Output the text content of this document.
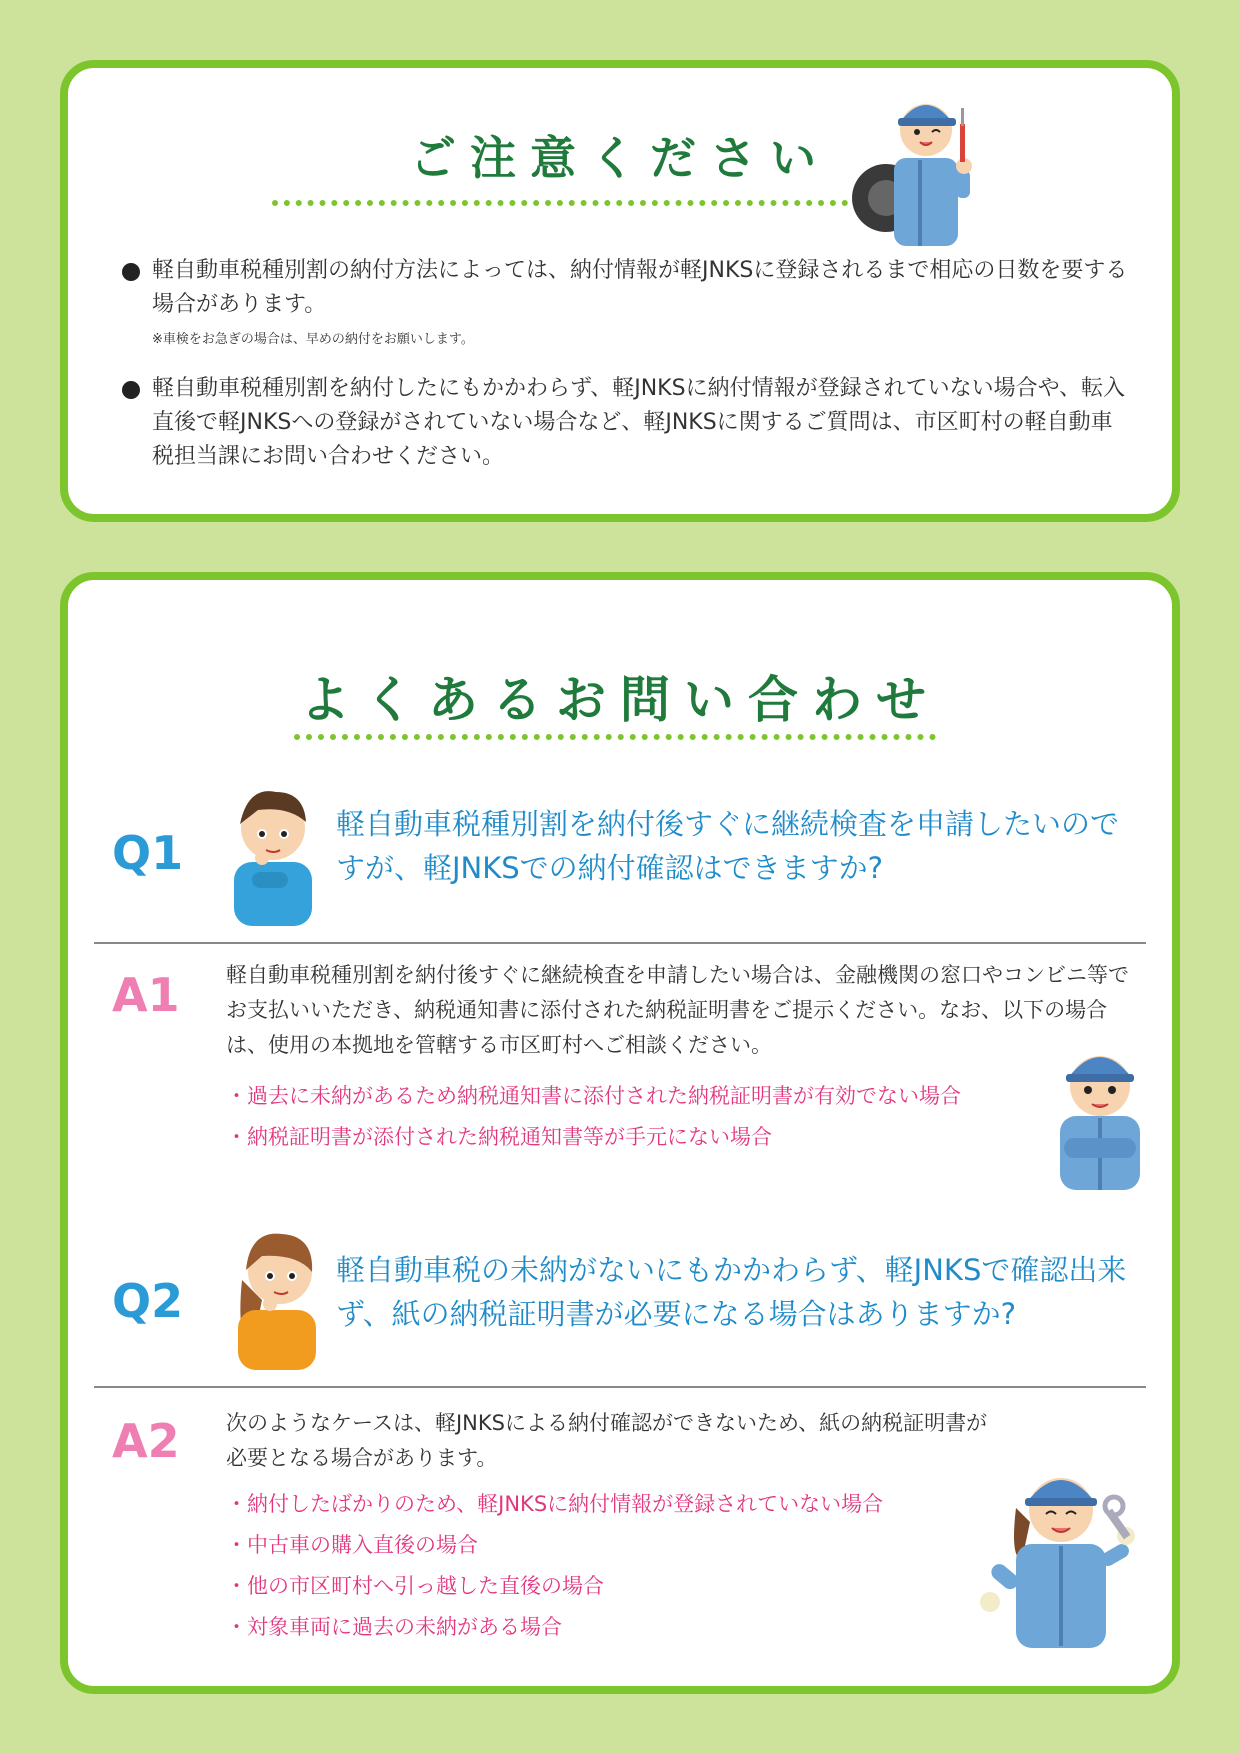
ご注意ください
軽自動車税種別割の納付方法によっては、納付情報が軽JNKSに登録されるまで相応の日数を要する場合があります。
※車検をお急ぎの場合は、早めの納付をお願いします。
軽自動車税種別割を納付したにもかかわらず、軽JNKSに納付情報が登録されていない場合や、転入直後で軽JNKSへの登録がされていない場合など、軽JNKSに関するご質問は、市区町村の軽自動車税担当課にお問い合わせください。
よくあるお問い合わせ
Q1
軽自動車税種別割を納付後すぐに継続検査を申請したいのですが、軽JNKSでの納付確認はできますか?
A1 軽自動車税種別割を納付後すぐに継続検査を申請したい場合は、金融機関の窓口やコンビニ等でお支払いいただき、納税通知書に添付された納税証明書をご提示ください。なお、以下の場合は、使用の本拠地を管轄する市区町村へご相談ください。
・ 過去に未納があるため納税通知書に添付された納税証明書が有効でない場合
・ 納税証明書が添付された納税通知書等が手元にない場合
Q2
軽自動車税の未納がないにもかかわらず、軽JNKSで確認出来ず、紙の納税証明書が必要になる場合はありますか?
A2 次のようなケースは、軽JNKSによる納付確認ができないため、紙の納税証明書が必要となる場合があります。
・ 納付したばかりのため、軽JNKSに納付情報が登録されていない場合
・ 中古車の購入直後の場合
・ 他の市区町村へ引っ越した直後の場合
・ 対象車両に過去の未納がある場合
